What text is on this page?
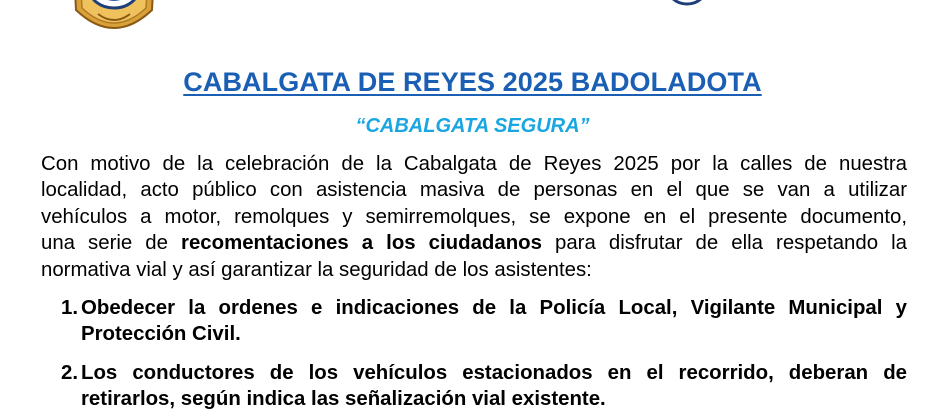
CABALGATA DE REYES 2025 BADOLADOTA
“CABALGATA SEGURA”
Con motivo de la celebración de la Cabalgata de Reyes 2025 por la calles de nuestra
localidad, acto público con asistencia masiva de personas en el que se van a utilizar
vehículos a motor, remolques y semirremolques, se expone en el presente documento,
una serie de recomentaciones a los ciudadanos para disfrutar de ella respetando la
normativa vial y así garantizar la seguridad de los asistentes:
1. Obedecer la ordenes e indicaciones de la Policía Local, Vigilante Municipal y
Protección Civil.
2. Los conductores de los vehículos estacionados en el recorrido, deberan de
retirarlos, según indica las señalización vial existente.
